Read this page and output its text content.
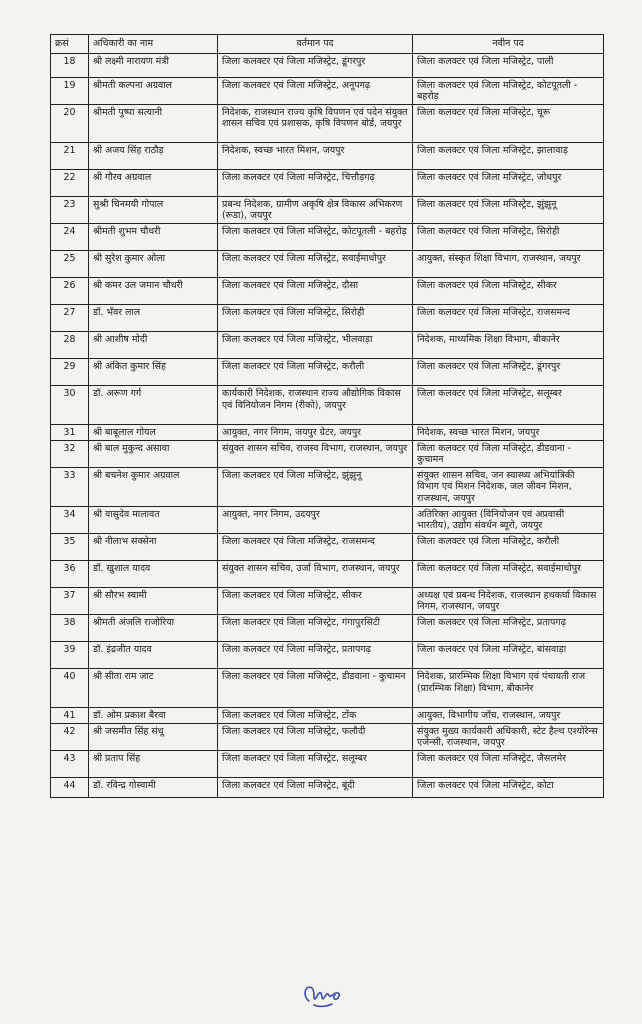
क्रसं	अधिकारी का नाम	वर्तमान पद	नवीन पद
18	श्री लक्ष्मी नारायण मंत्री	जिला कलक्टर एवं जिला मजिस्ट्रेट, डूंगरपुर	जिला कलक्टर एवं जिला मजिस्ट्रेट, पाली
19	श्रीमती कल्पना अग्रवाल	जिला कलक्टर एवं जिला मजिस्ट्रेट, अनूपगढ़	जिला कलक्टर एवं जिला मजिस्ट्रेट, कोटपूतली - बहरोड़
20	श्रीमती पुष्पा सत्यानी	निदेशक, राजस्थान राज्य कृषि विपणन एवं पदेन संयुक्त शासन सचिव एवं प्रशासक, कृषि विपणन बोर्ड, जयपुर	जिला कलक्टर एवं जिला मजिस्ट्रेट, चूरू
21	श्री अजय सिंह राठौड़	निदेशक, स्वच्छ भारत मिशन, जयपुर	जिला कलक्टर एवं जिला मजिस्ट्रेट, झालावाड़
22	श्री गौरव अग्रवाल	जिला कलक्टर एवं जिला मजिस्ट्रेट, चित्तौड़गढ़	जिला कलक्टर एवं जिला मजिस्ट्रेट, जोधपुर
23	सुश्री चिनमयी गोपाल	प्रबन्ध निदेशक, ग्रामीण अकृषि क्षेत्र विकास अभिकरण (रूडा), जयपुर	जिला कलक्टर एवं जिला मजिस्ट्रेट, झुंझुनू
24	श्रीमती शुभम चौधरी	जिला कलक्टर एवं जिला मजिस्ट्रेट, कोटपूतली - बहरोड़	जिला कलक्टर एवं जिला मजिस्ट्रेट, सिरोही
25	श्री सुरेश कुमार ओला	जिला कलक्टर एवं जिला मजिस्ट्रेट, सवाईमाधोपुर	आयुक्त, संस्कृत शिक्षा विभाग, राजस्थान, जयपुर
26	श्री कमर उल जमान चौधरी	जिला कलक्टर एवं जिला मजिस्ट्रेट, दौसा	जिला कलक्टर एवं जिला मजिस्ट्रेट, सीकर
27	डॉ. भँवर लाल	जिला कलक्टर एवं जिला मजिस्ट्रेट, सिरोही	जिला कलक्टर एवं जिला मजिस्ट्रेट, राजसमन्द
28	श्री आशीष मोदी	जिला कलक्टर एवं जिला मजिस्ट्रेट, भीलवाड़ा	निदेशक, माध्यमिक शिक्षा विभाग, बीकानेर
29	श्री अंकित कुमार सिंह	जिला कलक्टर एवं जिला मजिस्ट्रेट, करौली	जिला कलक्टर एवं जिला मजिस्ट्रेट, डूंगरपुर
30	डॉ. अरूण गर्ग	कार्यकारी निदेशक, राजस्थान राज्य औद्योगिक विकास एवं विनियोजन निगम (रीको), जयपुर	जिला कलक्टर एवं जिला मजिस्ट्रेट, सलूम्बर
31	श्री बाबूलाल गोयल	आयुक्त, नगर निगम, जयपुर ग्रेटर, जयपुर	निदेशक, स्वच्छ भारत मिशन, जयपुर
32	श्री बाल मुकुन्द असावा	संयुक्त शासन सचिव, राजस्व विभाग, राजस्थान, जयपुर	जिला कलक्टर एवं जिला मजिस्ट्रेट, डीडवाना - कुचामन
33	श्री बचनेश कुमार अग्रवाल	जिला कलक्टर एवं जिला मजिस्ट्रेट, झुंझुनू	संयुक्त शासन सचिव, जन स्वास्थ्य अभियांत्रिकी विभाग एवं मिशन निदेशक, जल जीवन मिशन, राजस्थान, जयपुर
34	श्री वासुदेव मालावत	आयुक्त, नगर निगम, उदयपुर	अतिरिक्त आयुक्त (विनियोजन एवं अप्रवासी भारतीय), उद्योग संवर्धन ब्यूरो, जयपुर
35	श्री नीलाभ सक्सेना	जिला कलक्टर एवं जिला मजिस्ट्रेट, राजसमन्द	जिला कलक्टर एवं जिला मजिस्ट्रेट, करौली
36	डॉ. खुशाल यादव	संयुक्त शासन सचिव, उर्जा विभाग, राजस्थान, जयपुर	जिला कलक्टर एवं जिला मजिस्ट्रेट, सवाईमाधोपुर
37	श्री सौरभ स्वामी	जिला कलक्टर एवं जिला मजिस्ट्रेट, सीकर	अध्यक्ष एवं प्रबन्ध निदेशक, राजस्थान हथकर्घा विकास निगम, राजस्थान, जयपुर
38	श्रीमती अंजलि राजोरिया	जिला कलक्टर एवं जिला मजिस्ट्रेट, गंगापुरसिटी	जिला कलक्टर एवं जिला मजिस्ट्रेट, प्रतापगढ़
39	डॉ. इंद्रजीत यादव	जिला कलक्टर एवं जिला मजिस्ट्रेट, प्रतापगढ़	जिला कलक्टर एवं जिला मजिस्ट्रेट, बांसवाड़ा
40	श्री सीता राम जाट	जिला कलक्टर एवं जिला मजिस्ट्रेट, डीडवाना - कुचामन	निदेशक, प्रारम्भिक शिक्षा विभाग एवं पंचायती राज (प्रारम्भिक शिक्षा) विभाग, बीकानेर
41	डॉ. ओम प्रकाश बैरवा	जिला कलक्टर एवं जिला मजिस्ट्रेट, टोंक	आयुक्त, विभागीय जाँच, राजस्थान, जयपुर
42	श्री जसमीत सिंह संधू	जिला कलक्टर एवं जिला मजिस्ट्रेट, फलौदी	संयुक्त मुख्य कार्यकारी अधिकारी, स्टेट हैल्थ एश्योरेन्स एजेन्सी, राजस्थान, जयपुर
43	श्री प्रताप सिंह	जिला कलक्टर एवं जिला मजिस्ट्रेट, सलूम्बर	जिला कलक्टर एवं जिला मजिस्ट्रेट, जैसलमेर
44	डॉ. रविन्द्र गोस्वामी	जिला कलक्टर एवं जिला मजिस्ट्रेट, बूंदी	जिला कलक्टर एवं जिला मजिस्ट्रेट, कोटा
